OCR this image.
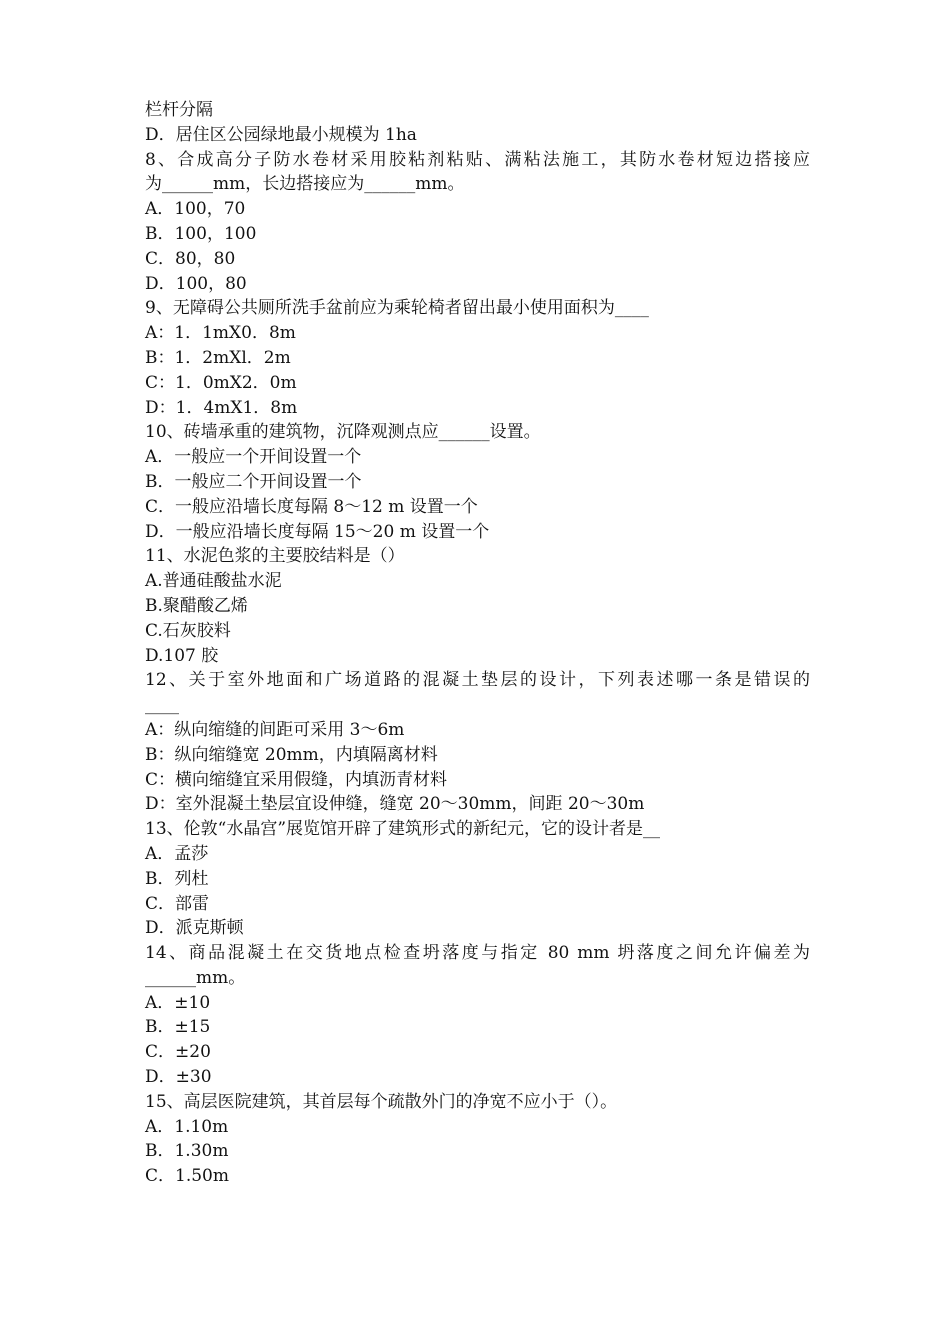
栏杆分隔
D．居住区公园绿地最小规模为 1ha
8、合成高分子防水卷材采用胶粘剂粘贴、满粘法施工，其防水卷材短边搭接应
为______mm，长边搭接应为______mm。
A．100，70
B．100，100
C．80，80
D．100，80
9、无障碍公共厕所洗手盆前应为乘轮椅者留出最小使用面积为____
A：1．1mX0．8m
B：1．2mXl．2m
C：1．0mX2．0m
D：1．4mX1．8m
10、砖墙承重的建筑物，沉降观测点应______设置。
A．一般应一个开间设置一个
B．一般应二个开间设置一个
C．一般应沿墙长度每隔 8～12 m 设置一个
D．一般应沿墙长度每隔 15～20 m 设置一个
11、水泥色浆的主要胶结料是（）
A.普通硅酸盐水泥
B.聚醋酸乙烯
C.石灰胶料
D.107 胶
12、关于室外地面和广场道路的混凝土垫层的设计，下列表述哪一条是错误的
____
A：纵向缩缝的间距可采用 3～6m
B：纵向缩缝宽 20mm，内填隔离材料
C：横向缩缝宜采用假缝，内填沥青材料
D：室外混凝土垫层宜设伸缝，缝宽 20～30mm，间距 20～30m
13、伦敦“水晶宫”展览馆开辟了建筑形式的新纪元，它的设计者是__
A．孟莎
B．列杜
C．部雷
D．派克斯顿
14、商品混凝土在交货地点检查坍落度与指定 80 mm 坍落度之间允许偏差为
______mm。
A．±10
B．±15
C．±20
D．±30
15、高层医院建筑，其首层每个疏散外门的净宽不应小于（）。
A．1.10m
B．1.30m
C．1.50m
